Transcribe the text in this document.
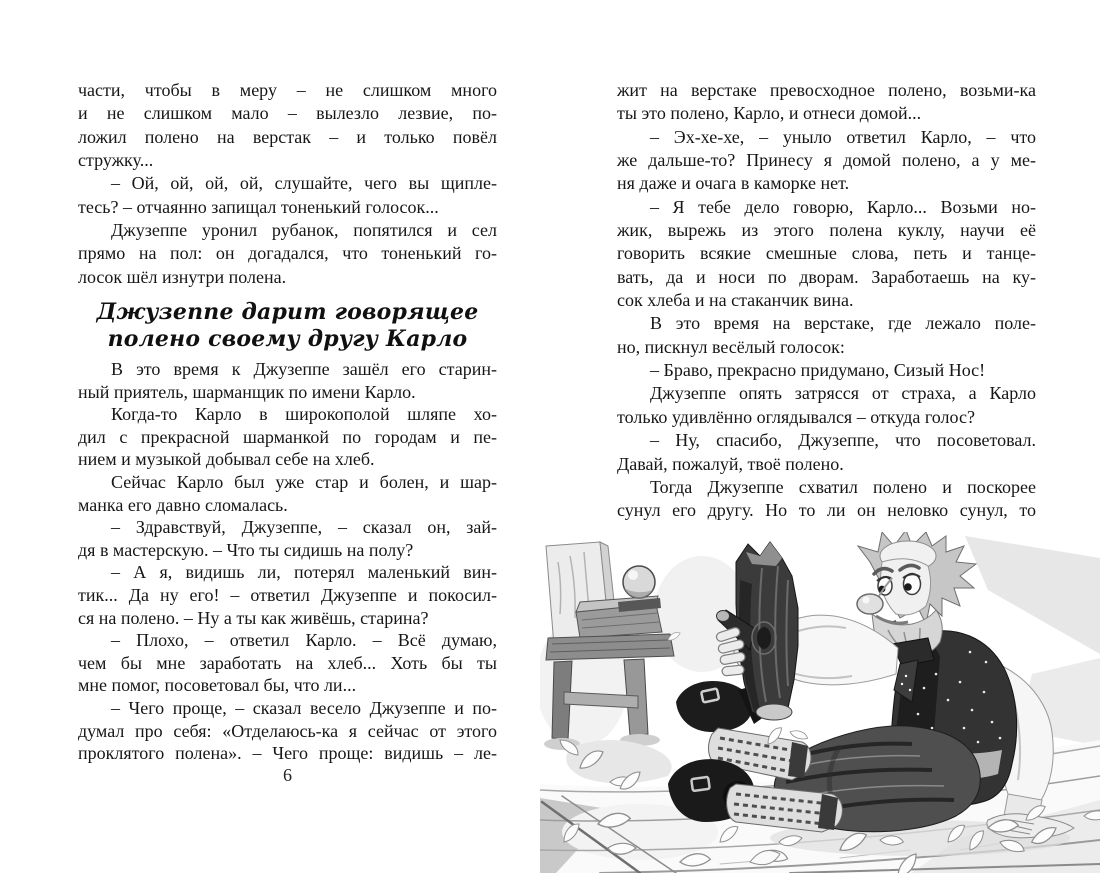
части, чтобы в меру – не слишком много
и не слишком мало – вылезло лезвие, по-
ложил полено на верстак – и только повёл
стружку...
– Ой, ой, ой, ой, слушайте, чего вы щипле-
тесь? – отчаянно запищал тоненький голосок...
Джузеппе уронил рубанок, попятился и сел
прямо на пол: он догадался, что тоненький го-
лосок шёл изнутри полена.
Джузеппе дарит говорящее
полено своему другу Карло
В это время к Джузеппе зашёл его старин-
ный приятель, шарманщик по имени Карло.
Когда-то Карло в широкополой шляпе хо-
дил с прекрасной шарманкой по городам и пе-
нием и музыкой добывал себе на хлеб.
Сейчас Карло был уже стар и болен, и шар-
манка его давно сломалась.
– Здравствуй, Джузеппе, – сказал он, зай-
дя в мастерскую. – Что ты сидишь на полу?
– А я, видишь ли, потерял маленький вин-
тик... Да ну его! – ответил Джузеппе и покосил-
ся на полено. – Ну а ты как живёшь, старина?
– Плохо, – ответил Карло. – Всё думаю,
чем бы мне заработать на хлеб... Хоть бы ты
мне помог, посоветовал бы, что ли...
– Чего проще, – сказал весело Джузеппе и по-
думал про себя: «Отделаюсь-ка я сейчас от этого
проклятого полена». – Чего проще: видишь – ле-
6
жит на верстаке превосходное полено, возьми-ка
ты это полено, Карло, и отнеси домой...
– Эх-хе-хе, – уныло ответил Карло, – что
же дальше-то? Принесу я домой полено, а у ме-
ня даже и очага в каморке нет.
– Я тебе дело говорю, Карло... Возьми но-
жик, вырежь из этого полена куклу, научи её
говорить всякие смешные слова, петь и танце-
вать, да и носи по дворам. Заработаешь на ку-
сок хлеба и на стаканчик вина.
В это время на верстаке, где лежало поле-
но, пискнул весёлый голосок:
– Браво, прекрасно придумано, Сизый Нос!
Джузеппе опять затрясся от страха, а Карло
только удивлённо оглядывался – откуда голос?
– Ну, спасибо, Джузеппе, что посоветовал.
Давай, пожалуй, твоё полено.
Тогда Джузеппе схватил полено и поскорее
сунул его другу. Но то ли он неловко сунул, то
